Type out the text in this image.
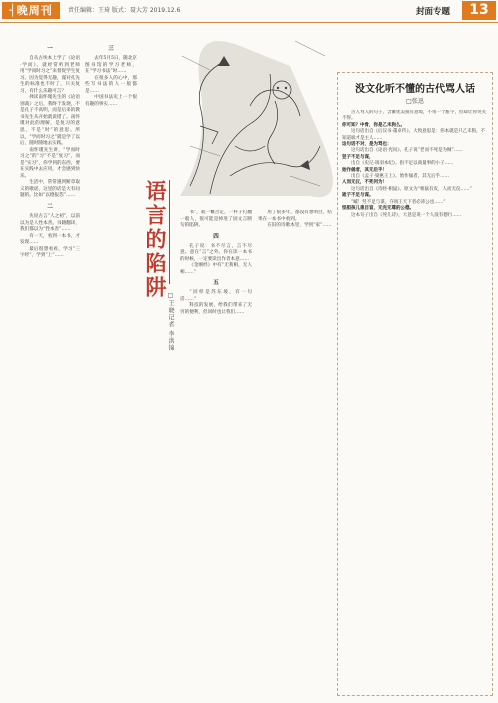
┤晚周刊	责任编辑：王琦 版式：聂大芳 2019.12.6	封面专题	13

一

自从古埃本上学了《论语·学而》，就经常听到老师用“学而时习之”来督促学生复习。因为觉得无趣，谨对孔先生的标准也不时了，只关复习，有什么乐趣可言？

择读南怀瑾先生的《论语别裁》之后，我终于发现，不是孔子不高明，而是后来的教书先生从开始就说错了。南怀瑾对此的理解，是复习的意思，不是“时”的意思。所以，“学而时习之”就是学了以后，随时随地去实践。

南怀瑾先生讲，“学而时习之”的“习”不是“复习”，而是“实习”，你学到的东西，要在实践中去应用，才会感到快乐。

生活中，常常遇到断章取义的歌谣，这里的话是大有问题的。比如“以德报怨”……

二

先说古言“人之初”，以前以为是人性本善。书籍翻译，我们都以为“性本善”……

有一天，看到一本书，才发现……

最后很想看看，学习“三字经”，学到“上”……

三

去年5月5日，随北京图书馆的学习老师，在“学习书法”时……

在很多人的心中，那些写书法的人一般都是……

中国书法史上一个很有趣的事实……

语言的陷阱
□王晓记者 李洪锦

书”，就一概否定，一杆子打翻一船人，很可能是掉进了固文言断句的陷阱。

四

孔子说：书不尽言，言不尽意。意在“言”之外。你在读一本书的时候，一定要读出作者本意……

《金刚经》中有“无我相，无人相……”

五

“同样是苏东坡，有一句话……”

科技的发展，给我们带来了无穷的便利，但同时也让我们……

用了很多年，都没有想明白，结果在一本书中看到。

在旧的诗歌本里，学到“家”……

没文化听不懂的古代骂人话
□张迅

古人骂人的句子，含蓄优美很有意境，不带一个脏字，但却让你哭笑不得。

你可知？中骨，你是乙未狗么。

这句话出自《后汉书·董卓传》。大致意思是：你本就是只乙未狗，不知道谁才是主人……

这句话不对，是为骂也：

这句话出自《论语·宪问》。孔子说“老而不死是为贼”……

竖子不足与谋，

出自《史记·项羽本纪》。指不足以商量事的小子……

始作俑者，其无后乎！

出自《孟子·梁惠王上》。始作俑者，其无后乎……

人而无仪，不死何为！

这句话出自《诗经·相鼠》。原文为“相鼠有皮，人而无仪……”

逝子不足与谋。

“嘁！竖不足与谋，夺项王天下者必沛公也……”

怪胆孩儿患目盲，无完无尊的公德。

这本句子出自《死儿诗》，大意是说一个人没有德行……
